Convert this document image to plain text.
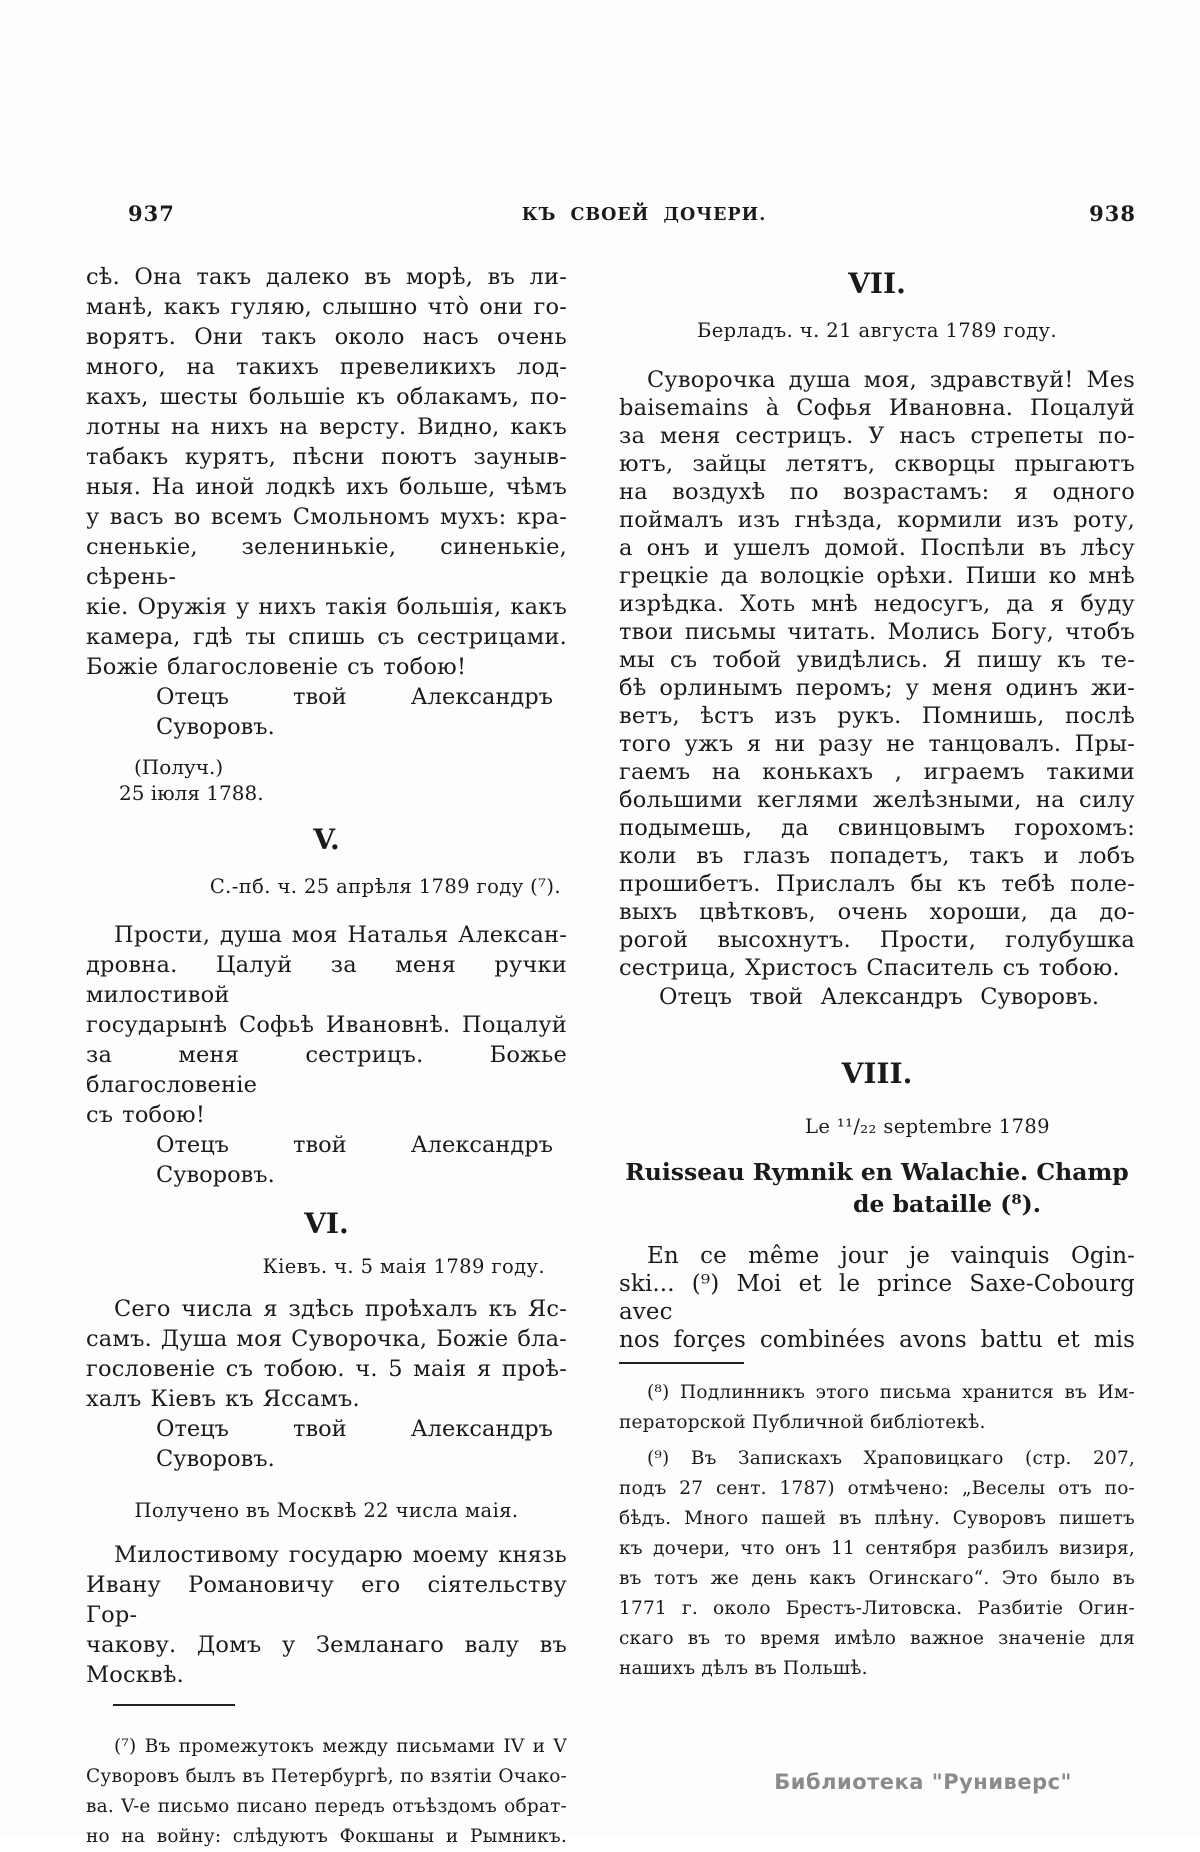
937	КЪ СВОЕЙ ДОЧЕРИ.	938
сѣ. Она такъ далеко въ морѣ, въ ли-
манѣ, какъ гуляю, слышно что̀ они го-
ворятъ. Они такъ около насъ очень
много, на такихъ превеликихъ лод-
кахъ, шесты большіе къ облакамъ, по-
лотны на нихъ на версту. Видно, какъ
табакъ курятъ, пѣсни поютъ зауныв-
ныя. На иной лодкѣ ихъ больше, чѣмъ
у васъ во всемъ Смольномъ мухъ: кра-
сненькіе, зеленинькіе, синенькіе, сѣрень-
кіе. Оружія у нихъ такія большія, какъ
камера, гдѣ ты спишь съ сестрицами.
Божіе благословеніе съ тобою!
Отецъ твой Александръ Суворовъ.
(Получ.)
25 іюля 1788.
V.
С.-пб. ч. 25 апрѣля 1789 году (⁷).
Прости, душа моя Наталья Алексан-
дровна. Цалуй за меня ручки милостивой
государынѣ Софьѣ Ивановнѣ. Поцалуй
за меня сестрицъ. Божье благословеніе
съ тобою!
Отецъ твой Александръ Суворовъ.
VI.
Кіевъ. ч. 5 маія 1789 году.
Сего числа я здѣсь проѣхалъ къ Яс-
самъ. Душа моя Суворочка, Божіе бла-
гословеніе съ тобою. ч. 5 маія я проѣ-
халъ Кіевъ къ Яссамъ.
Отецъ твой Александръ Суворовъ.
Получено въ Москвѣ 22 числа маія.
Милостивому государю моему князь
Ивану Романовичу его сіятельству Гор-
чакову. Домъ у Земланаго валу въ
Москвѣ.
(⁷) Въ промежутокъ между письмами IV и V
Суворовъ былъ въ Петербургѣ, по взятіи Очако-
ва. V-е письмо писано передъ отъѣздомъ обрат-
но на войну: слѣдуютъ Фокшаны и Рымникъ.
VII.
Берладъ. ч. 21 августа 1789 году.
Суворочка душа моя, здравствуй! Mes
baisemains à Софья Ивановна. Поцалуй
за меня сестрицъ. У насъ стрепеты по-
ютъ, зайцы летятъ, скворцы прыгаютъ
на воздухѣ по возрастамъ: я одного
поймалъ изъ гнѣзда, кормили изъ роту,
а онъ и ушелъ домой. Поспѣли въ лѣсу
грецкіе да волоцкіе орѣхи. Пиши ко мнѣ
изрѣдка. Хоть мнѣ недосугъ, да я буду
твои письмы читать. Молись Богу, чтобъ
мы съ тобой увидѣлись. Я пишу къ те-
бѣ орлинымъ перомъ; у меня одинъ жи-
ветъ, ѣстъ изъ рукъ. Помнишь, послѣ
того ужъ я ни разу не танцовалъ. Пры-
гаемъ на конькахъ , играемъ такими
большими кеглями желѣзными, на силу
подымешь, да свинцовымъ горохомъ:
коли въ глазъ попадетъ, такъ и лобъ
прошибетъ. Прислалъ бы къ тебѣ поле-
выхъ цвѣтковъ, очень хороши, да до-
рогой высохнутъ. Прости, голубушка
сестрица, Христосъ Спаситель съ тобою.
Отецъ твой Александръ Суворовъ.
VIII.
Le ¹¹/₂₂ septembre 1789
Ruisseau Rymnik en Walachie. Champ
de bataille (⁸).
En ce même jour je vainquis Ogin-
ski... (⁹) Moi et le prince Saxe-Cobourg avec
nos forçes combinées avons battu et mis
(⁸) Подлинникъ этого письма хранится въ Им-
ператорской Публичной библіотекѣ.
(⁹) Въ Запискахъ Храповицкаго (стр. 207,
подъ 27 сент. 1787) отмѣчено: „Веселы отъ по-
бѣдъ. Много пашей въ плѣну. Суворовъ пишетъ
къ дочери, что онъ 11 сентября разбилъ визиря,
въ тотъ же день какъ Огинскаго“. Это было въ
1771 г. около Брестъ-Литовска. Разбитіе Огин-
скаго въ то время имѣло важное значеніе для
нашихъ дѣлъ въ Польшѣ.
Библиотека "Руниверс"
